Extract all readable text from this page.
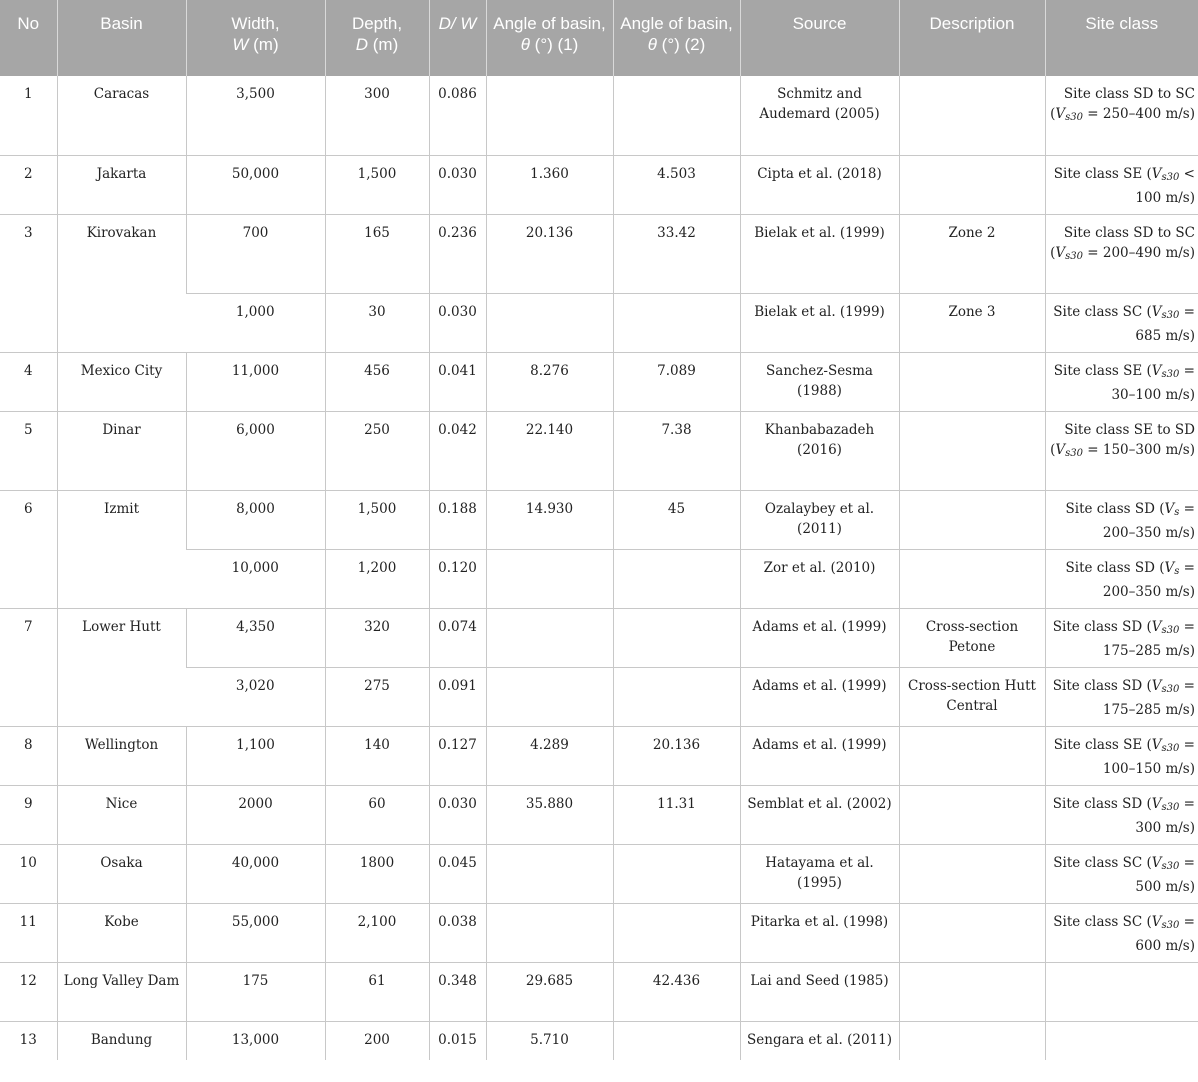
No	Basin	Width,
W (m)	Depth,
D (m)	D/ W	Angle of basin, θ (°) (1)	Angle of basin, θ (°) (2)	Source	Description	Site class
1	Caracas	3,500	300	0.086			Schmitz and Audemard (2005)		Site class SD to SC ($V_{s30} = 250-400$ m/s)
2	Jakarta	50,000	1,500	0.030	1.360	4.503	Cipta et al. (2018)		Site class SE ($V_{s30} < 100$ m/s)
3	Kirovakan	700	165	0.236	20.136	33.42	Bielak et al. (1999)	Zone 2	Site class SD to SC ($V_{s30} = 200-490$ m/s)
		1,000	30	0.030			Bielak et al. (1999)	Zone 3	Site class SC ($V_{s30} = 685$ m/s)
4	Mexico City	11,000	456	0.041	8.276	7.089	Sanchez-Sesma (1988)		Site class SE ($V_{s30} = 30-100$ m/s)
5	Dinar	6,000	250	0.042	22.140	7.38	Khanbabazadeh (2016)		Site class SE to SD ($V_{s30} = 150-300$ m/s)
6	Izmit	8,000	1,500	0.188	14.930	45	Ozalaybey et al. (2011)		Site class SD ($V_s = 200-350$ m/s)
		10,000	1,200	0.120			Zor et al. (2010)		Site class SD ($V_s = 200-350$ m/s)
7	Lower Hutt	4,350	320	0.074			Adams et al. (1999)	Cross-section Petone	Site class SD ($V_{s30} = 175-285$ m/s)
		3,020	275	0.091			Adams et al. (1999)	Cross-section Hutt Central	Site class SD ($V_{s30} = 175-285$ m/s)
8	Wellington	1,100	140	0.127	4.289	20.136	Adams et al. (1999)		Site class SE ($V_{s30} = 100-150$ m/s)
9	Nice	2000	60	0.030	35.880	11.31	Semblat et al. (2002)		Site class SD ($V_{s30} = 300$ m/s)
10	Osaka	40,000	1800	0.045			Hatayama et al. (1995)		Site class SC ($V_{s30} = 500$ m/s)
11	Kobe	55,000	2,100	0.038			Pitarka et al. (1998)		Site class SC ($V_{s30} = 600$ m/s)
12	Long Valley Dam	175	61	0.348	29.685	42.436	Lai and Seed (1985)		
13	Bandung	13,000	200	0.015	5.710		Sengara et al. (2011)		
